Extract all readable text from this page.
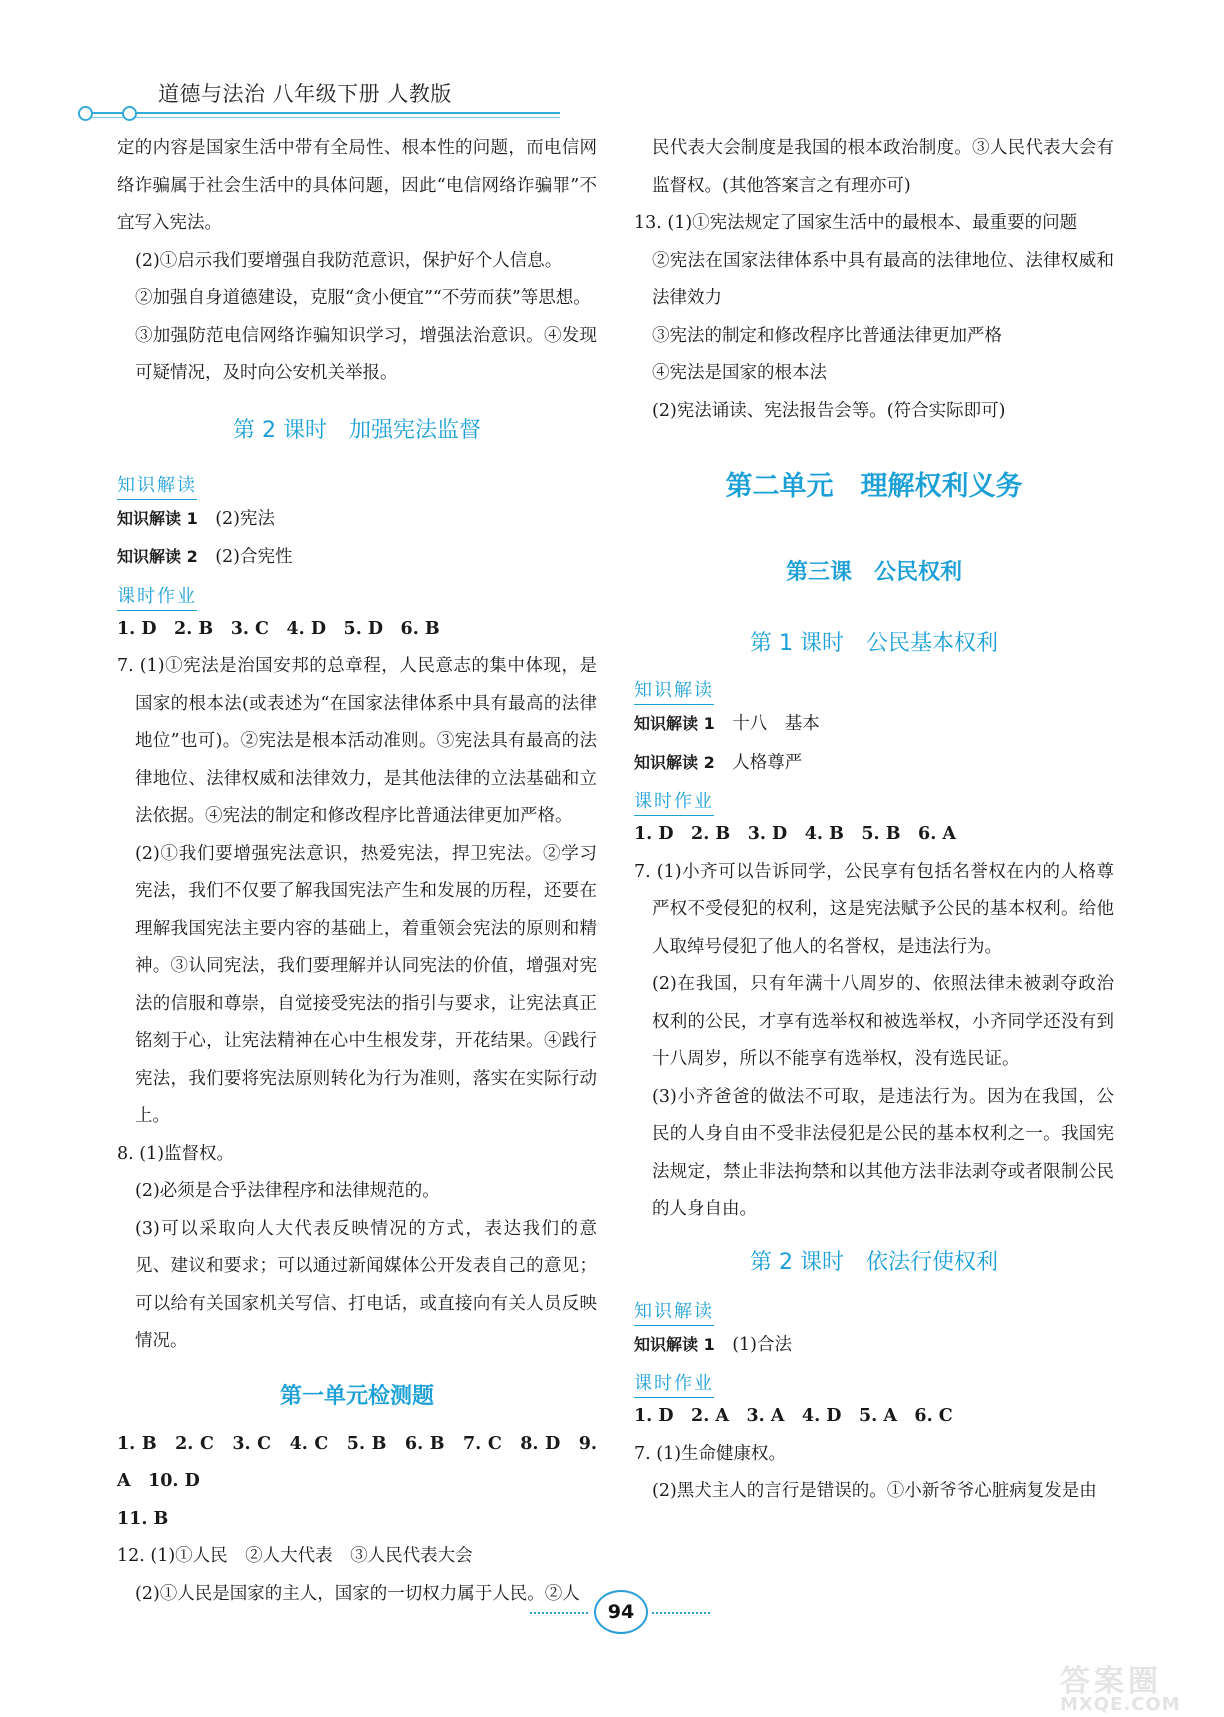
道德与法治 八年级下册 人教版

定的内容是国家生活中带有全局性、根本性的问题，而电信网络诈骗属于社会生活中的具体问题，因此“电信网络诈骗罪”不宜写入宪法。

(2)①启示我们要增强自我防范意识，保护好个人信息。

②加强自身道德建设，克服“贪小便宜”“不劳而获”等思想。

③加强防范电信网络诈骗知识学习，增强法治意识。④发现可疑情况，及时向公安机关举报。

第 2 课时　加强宪法监督

知识解读

知识解读 1　 (2)宪法

知识解读 2　 (2)合宪性

课时作业

1. D　2. B　3. C　4. D　5. D　6. B

7. (1)①宪法是治国安邦的总章程，人民意志的集中体现，是国家的根本法(或表述为“在国家法律体系中具有最高的法律地位”也可)。②宪法是根本活动准则。③宪法具有最高的法律地位、法律权威和法律效力，是其他法律的立法基础和立法依据。④宪法的制定和修改程序比普通法律更加严格。

(2)①我们要增强宪法意识，热爱宪法，捍卫宪法。②学习宪法，我们不仅要了解我国宪法产生和发展的历程，还要在理解我国宪法主要内容的基础上，着重领会宪法的原则和精神。③认同宪法，我们要理解并认同宪法的价值，增强对宪法的信服和尊崇，自觉接受宪法的指引与要求，让宪法真正铭刻于心，让宪法精神在心中生根发芽，开花结果。④践行宪法，我们要将宪法原则转化为行为准则，落实在实际行动上。

8. (1)监督权。

(2)必须是合乎法律程序和法律规范的。

(3)可以采取向人大代表反映情况的方式，表达我们的意见、建议和要求；可以通过新闻媒体公开发表自己的意见；可以给有关国家机关写信、打电话，或直接向有关人员反映情况。

第一单元检测题

1. B　2. C　3. C　4. C　5. B　6. B　7. C　8. D　9. A　10. D

11. B

12. (1)①人民　②人大代表　③人民代表大会

(2)①人民是国家的主人，国家的一切权力属于人民。②人

民代表大会制度是我国的根本政治制度。③人民代表大会有监督权。(其他答案言之有理亦可)

13. (1)①宪法规定了国家生活中的最根本、最重要的问题

②宪法在国家法律体系中具有最高的法律地位、法律权威和法律效力

③宪法的制定和修改程序比普通法律更加严格

④宪法是国家的根本法

(2)宪法诵读、宪法报告会等。(符合实际即可)

第二单元　理解权利义务

第三课　公民权利

第 1 课时　公民基本权利

知识解读

知识解读 1　 十八　基本

知识解读 2　 人格尊严

课时作业

1. D　2. B　3. D　4. B　5. B　6. A

7. (1)小齐可以告诉同学，公民享有包括名誉权在内的人格尊严权不受侵犯的权利，这是宪法赋予公民的基本权利。给他人取绰号侵犯了他人的名誉权，是违法行为。

(2)在我国，只有年满十八周岁的、依照法律未被剥夺政治权利的公民，才享有选举权和被选举权，小齐同学还没有到十八周岁，所以不能享有选举权，没有选民证。

(3)小齐爸爸的做法不可取，是违法行为。因为在我国，公民的人身自由不受非法侵犯是公民的基本权利之一。我国宪法规定，禁止非法拘禁和以其他方法非法剥夺或者限制公民的人身自由。

第 2 课时　依法行使权利

知识解读

知识解读 1　 (1)合法

课时作业

1. D　2. A　3. A　4. D　5. A　6. C

7. (1)生命健康权。

(2)黑犬主人的言行是错误的。①小新爷爷心脏病复发是由

94
答案圈
MXQE.COM
